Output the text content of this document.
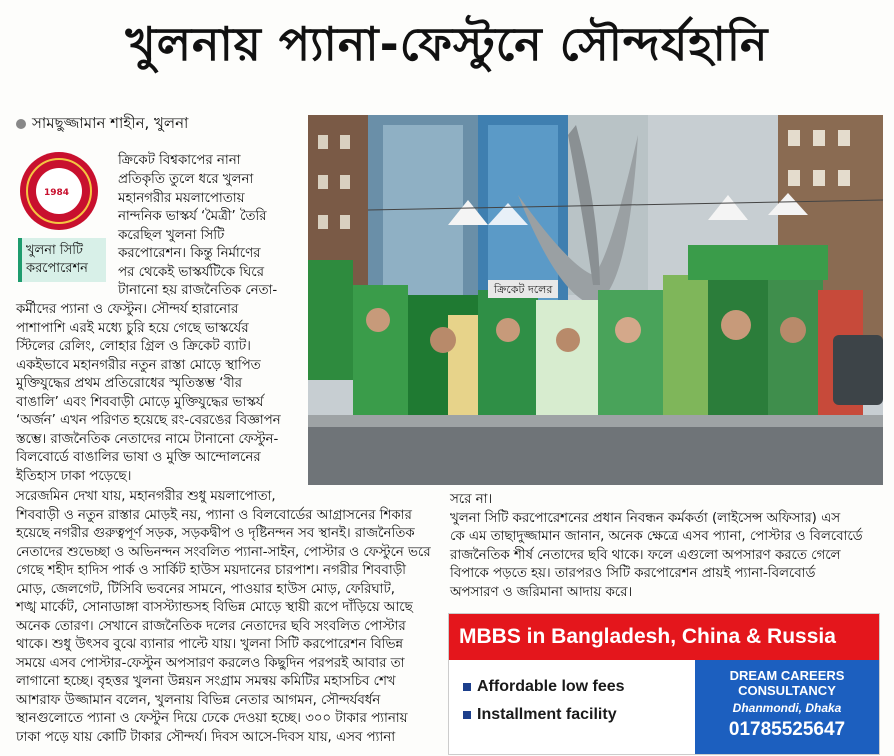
খুলনায় প্যানা-ফেস্টুনে সৌন্দর্যহানি
সামছুজ্জামান শাহীন, খুলনা
1984
খুলনা সিটি করপোরেশন
ক্রিকেট বিশ্বকাপের নানা
প্রতিকৃতি তুলে ধরে খুলনা
মহানগরীর ময়লাপোতায়
নান্দনিক ভাস্কর্য ‘মৈত্রী’ তৈরি
করেছিল খুলনা সিটি
করপোরেশন। কিন্তু নির্মাণের
পর থেকেই ভাস্কর্যটিকে ঘিরে
টানানো হয় রাজনৈতিক নেতা-
কর্মীদের প্যানা ও ফেস্টুন। সৌন্দর্য হারানোর
পাশাপাশি এরই মধ্যে চুরি হয়ে গেছে ভাস্কর্যের
স্টিলের রেলিং, লোহার গ্রিল ও ক্রিকেট ব্যাট।
একইভাবে মহানগরীর নতুন রাস্তা মোড়ে স্থাপিত
মুক্তিযুদ্ধের প্রথম প্রতিরোধের স্মৃতিস্তম্ভ ‘বীর
বাঙালি’ এবং শিববাড়ী মোড়ে মুক্তিযুদ্ধের ভাস্কর্য
‘অর্জন’ এখন পরিণত হয়েছে রং-বেরঙের বিজ্ঞাপন
স্তম্ভে। রাজনৈতিক নেতাদের নামে টানানো ফেস্টুন-
বিলবোর্ডে বাঙালির ভাষা ও মুক্তি আন্দোলনের
ইতিহাস ঢাকা পড়েছে।
ক্রিকেট দলের
সরেজমিন দেখা যায়, মহানগরীর শুধু ময়লাপোতা,
শিববাড়ী ও নতুন রাস্তার মোড়ই নয়, প্যানা ও বিলবোর্ডের আগ্রাসনের শিকার
হয়েছে নগরীর গুরুত্বপূর্ণ সড়ক, সড়কদ্বীপ ও দৃষ্টিনন্দন সব স্থানই। রাজনৈতিক
নেতাদের শুভেচ্ছা ও অভিনন্দন সংবলিত প্যানা-সাইন, পোস্টার ও ফেস্টুনে ভরে
গেছে শহীদ হাদিস পার্ক ও সার্কিট হাউস ময়দানের চারপাশ। নগরীর শিববাড়ী
মোড়, জেলগেট, টিসিবি ভবনের সামনে, পাওয়ার হাউস মোড়, ফেরিঘাট,
শঙ্খ মার্কেট, সোনাডাঙ্গা বাসস্ট্যান্ডসহ বিভিন্ন মোড়ে স্থায়ী রূপে দাঁড়িয়ে আছে
অনেক তোরণ। সেখানে রাজনৈতিক দলের নেতাদের ছবি সংবলিত পোস্টার
থাকে। শুধু উৎসব বুঝে ব্যানার পাল্টে যায়। খুলনা সিটি করপোরেশন বিভিন্ন
সময়ে এসব পোস্টার-ফেস্টুন অপসারণ করলেও কিছুদিন পরপরই আবার তা
লাগানো হচ্ছে। বৃহত্তর খুলনা উন্নয়ন সংগ্রাম সমন্বয় কমিটির মহাসচিব শেখ
আশরাফ উজ্জামান বলেন, খুলনায় বিভিন্ন নেতার আগমন, সৌন্দর্যবর্ধন
স্থানগুলোতে প্যানা ও ফেস্টুন দিয়ে ঢেকে দেওয়া হচ্ছে। ৩০০ টাকার প্যানায়
ঢাকা পড়ে যায় কোটি টাকার সৌন্দর্য। দিবস আসে-দিবস যায়, এসব প্যানা
সরে না।
খুলনা সিটি করপোরেশনের প্রধান নিবন্ধন কর্মকর্তা (লাইসেন্স অফিসার) এস
কে এম তাছাদুজ্জামান জানান, অনেক ক্ষেত্রে এসব প্যানা, পোস্টার ও বিলবোর্ডে
রাজনৈতিক শীর্ষ নেতাদের ছবি থাকে। ফলে এগুলো অপসারণ করতে গেলে
বিপাকে পড়তে হয়। তারপরও সিটি করপোরেশন প্রায়ই প্যানা-বিলবোর্ড
অপসারণ ও জরিমানা আদায় করে।
MBBS in Bangladesh, China & Russia
Affordable low fees
Installment facility
DREAM CAREERS
CONSULTANCY
Dhanmondi, Dhaka
01785525647
